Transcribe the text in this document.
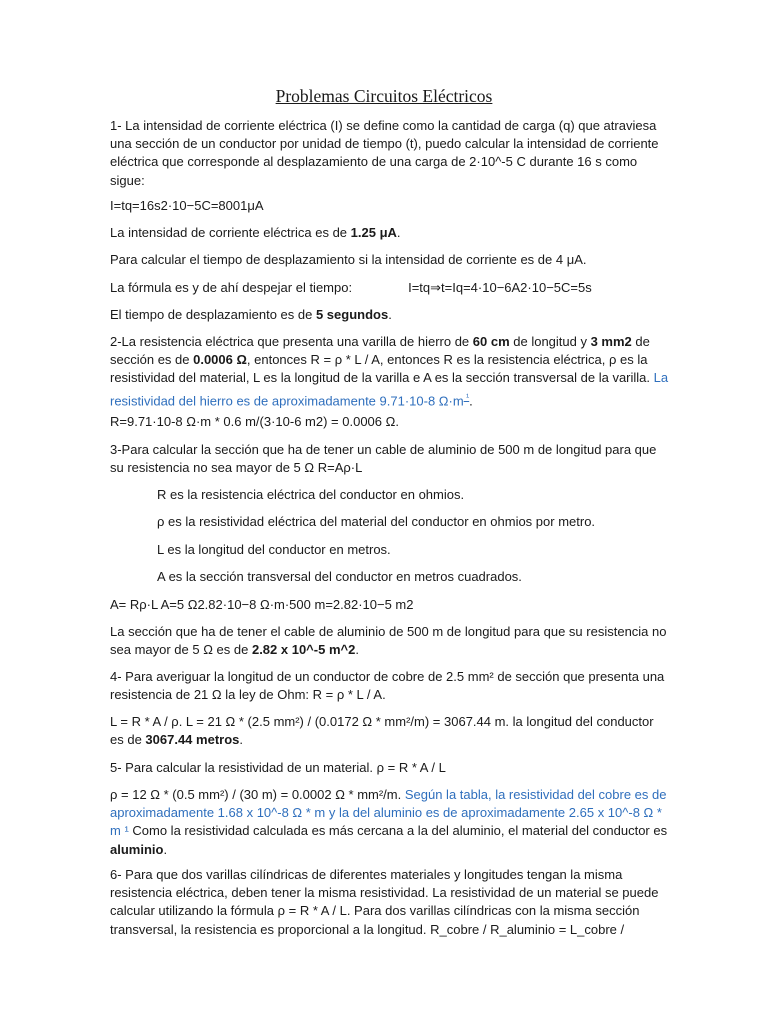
Problemas Circuitos Eléctricos

1- La intensidad de corriente eléctrica (I) se define como la cantidad de carga (q) que atraviesa una sección de un conductor por unidad de tiempo (t), puedo calcular la intensidad de corriente eléctrica que corresponde al desplazamiento de una carga de 2·10^-5 C durante 16 s como sigue:

I=tq=16s2·10−5C=8001μA

La intensidad de corriente eléctrica es de 1.25 μA.

Para calcular el tiempo de desplazamiento si la intensidad de corriente es de 4 μA.

La fórmula es y de ahí despejar el tiempo:	I=tq⇒t=Iq=4·10−6A2·10−5C=5s

El tiempo de desplazamiento es de 5 segundos.

2-La resistencia eléctrica que presenta una varilla de hierro de 60 cm de longitud y 3 mm2 de sección es de 0.0006 Ω, entonces R = ρ * L / A, entonces R es la resistencia eléctrica, ρ es la resistividad del material, L es la longitud de la varilla e A es la sección transversal de la varilla. La resistividad del hierro es de aproximadamente 9.71·10-8 Ω·m $^{^1}$.

R=9.71·10-8 Ω·m * 0.6 m/(3·10-6 m2) = 0.0006 Ω.

3-Para calcular la sección que ha de tener un cable de aluminio de 500 m de longitud para que su resistencia no sea mayor de 5 Ω R=Aρ·L

R es la resistencia eléctrica del conductor en ohmios.

ρ es la resistividad eléctrica del material del conductor en ohmios por metro.

L es la longitud del conductor en metros.

A es la sección transversal del conductor en metros cuadrados.

A= Rρ·L A=5 Ω2.82·10−8 Ω·m·500 m=2.82·10−5 m2

La sección que ha de tener el cable de aluminio de 500 m de longitud para que su resistencia no sea mayor de 5 Ω es de 2.82 x 10^-5 m^2.

4- Para averiguar la longitud de un conductor de cobre de 2.5 mm² de sección que presenta una resistencia de 21 Ω la ley de Ohm: R = ρ * L / A.

L = R * A / ρ. L = 21 Ω * (2.5 mm²) / (0.0172 Ω * mm²/m) = 3067.44 m. la longitud del conductor es de 3067.44 metros.

5- Para calcular la resistividad de un material. ρ = R * A / L

ρ = 12 Ω * (0.5 mm²) / (30 m) = 0.0002 Ω * mm²/m. Según la tabla, la resistividad del cobre es de aproximadamente 1.68 x 10^-8 Ω * m y la del aluminio es de aproximadamente 2.65 x 10^-8 Ω * m ¹ Como la resistividad calculada es más cercana a la del aluminio, el material del conductor es aluminio.

6- Para que dos varillas cilíndricas de diferentes materiales y longitudes tengan la misma resistencia eléctrica, deben tener la misma resistividad. La resistividad de un material se puede calcular utilizando la fórmula ρ = R * A / L. Para dos varillas cilíndricas con la misma sección transversal, la resistencia es proporcional a la longitud. R_cobre / R_aluminio = L_cobre /
